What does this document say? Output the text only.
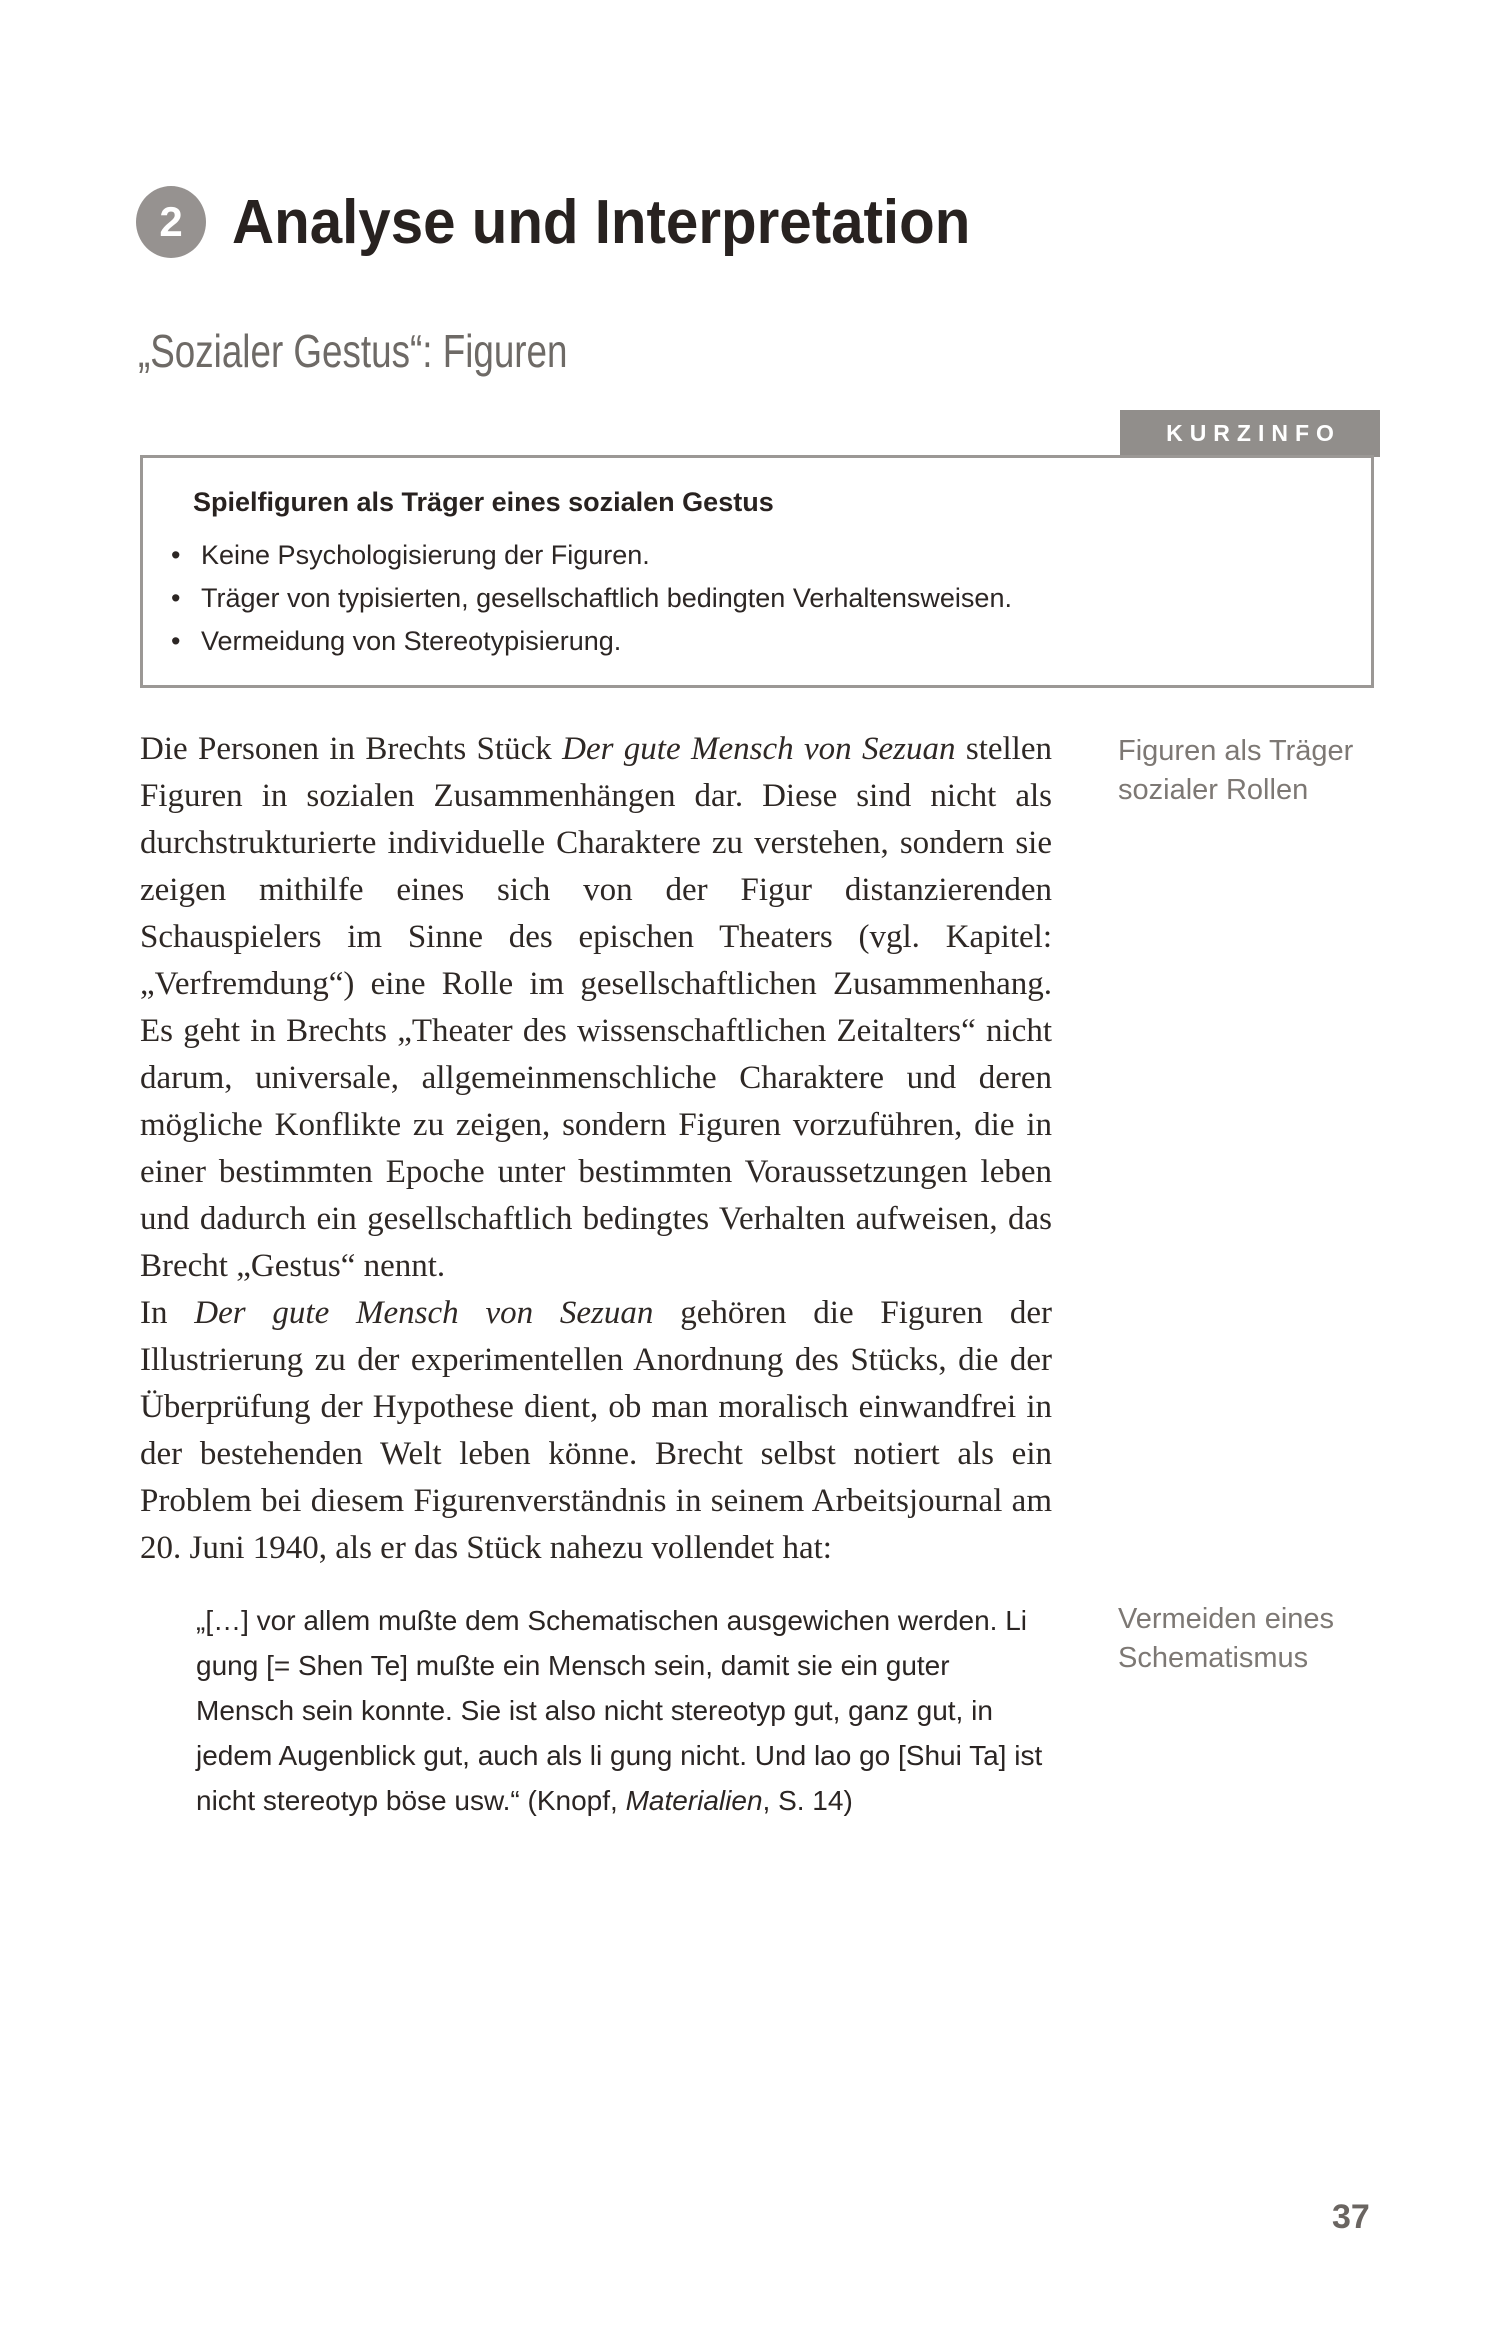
2 Analyse und Interpretation
„Sozialer Gestus“: Figuren
KURZINFO
Spielfiguren als Träger eines sozialen Gestus
• Keine Psychologisierung der Figuren.
• Träger von typisierten, gesellschaftlich bedingten Verhaltensweisen.
• Vermeidung von Stereotypisierung.

Die Personen in Brechts Stück Der gute Mensch von Sezuan stellen Figuren in sozialen Zusammenhängen dar. Diese sind nicht als durchstrukturierte individuelle Charaktere zu verstehen, sondern sie zeigen mithilfe eines sich von der Figur distanzierenden Schauspielers im Sinne des epischen Theaters (vgl. Kapitel: „Verfremdung“) eine Rolle im gesellschaftlichen Zusammenhang. Es geht in Brechts „Theater des wissenschaftlichen Zeitalters“ nicht darum, universale, allgemeinmenschliche Charaktere und deren mögliche Konflikte zu zeigen, sondern Figuren vorzuführen, die in einer bestimmten Epoche unter bestimmten Voraussetzungen leben und dadurch ein gesellschaftlich bedingtes Verhalten aufweisen, das Brecht „Gestus“ nennt.

In Der gute Mensch von Sezuan gehören die Figuren der Illustrierung zu der experimentellen Anordnung des Stücks, die der Überprüfung der Hypothese dient, ob man moralisch einwandfrei in der bestehenden Welt leben könne. Brecht selbst notiert als ein Problem bei diesem Figurenverständnis in seinem Arbeitsjournal am 20. Juni 1940, als er das Stück nahezu vollendet hat:

Figuren als Träger sozialer Rollen

„[…] vor allem mußte dem Schematischen ausgewichen werden. Li gung [= Shen Te] mußte ein Mensch sein, damit sie ein guter Mensch sein konnte. Sie ist also nicht stereotyp gut, ganz gut, in jedem Augenblick gut, auch als li gung nicht. Und lao go [Shui Ta] ist nicht stereotyp böse usw.“ (Knopf, Materialien, S. 14)

Vermeiden eines Schematismus
37
